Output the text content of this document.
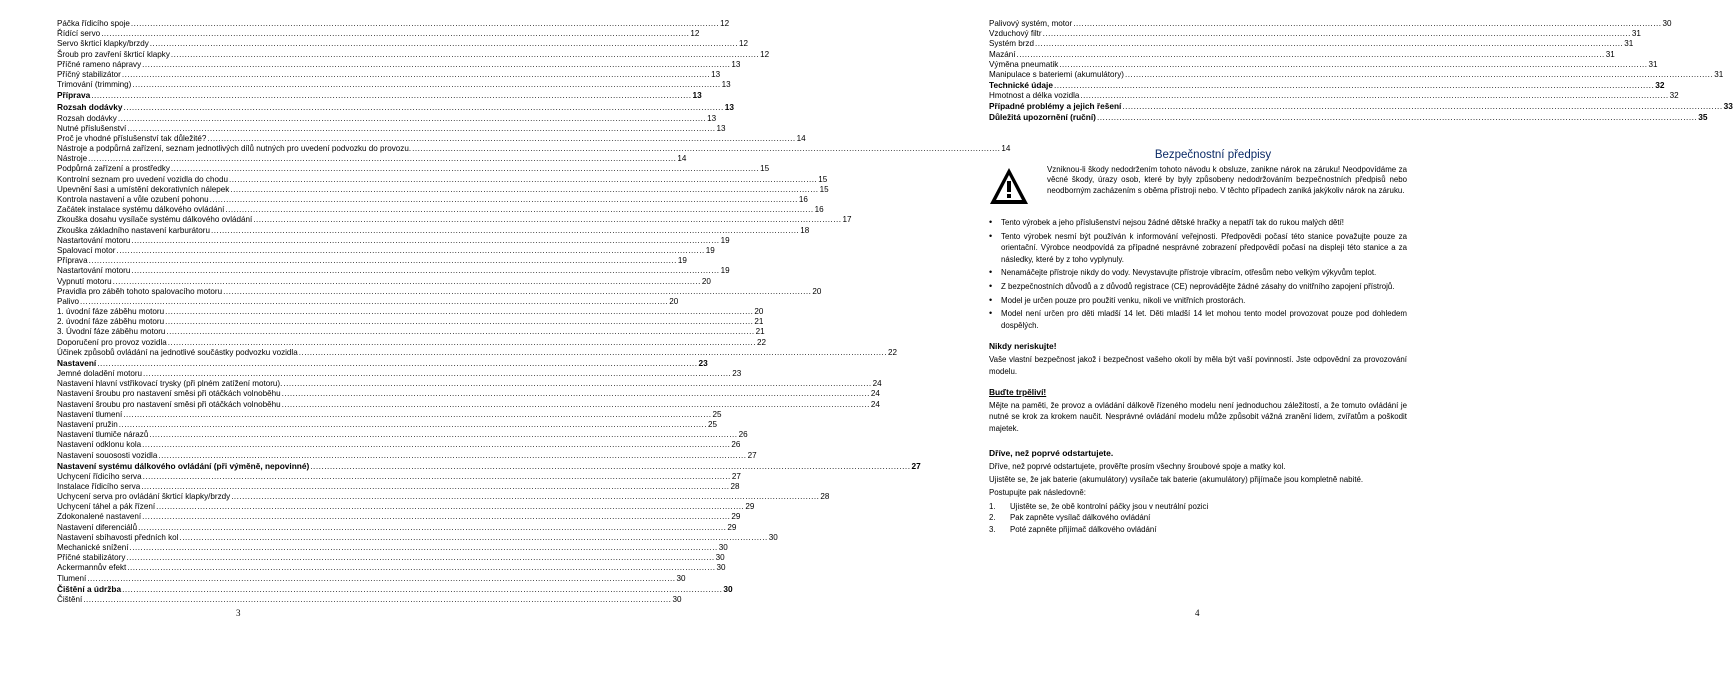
Páčka řídicího spoje .....	12
Řídící servo .....	12
Servo škrticí klapky/brzdy .....	12
Šroub pro zavření škrticí klapky .....	12
Příčné rameno nápravy .....	13
Příčný stabilizátor .....	13
Trimování (trimming) .....	13
Příprava .....	13
Rozsah dodávky .....	13
Rozsah dodávky .....	13
Nutné příslušenství .....	13
Proč je vhodné příslušenství tak důležité? .....	14
Nástroje a podpůrná zařízení, seznam jednotlivých dílů nutných pro uvedení podvozku do provozu. .....	14
Nástroje .....	14
Podpůrná zařízení a prostředky .....	15
Kontrolní seznam pro uvedení vozidla do chodu .....	15
Upevnění šasi a umístění dekorativních nálepek .....	15
Kontrola nastavení a vůle ozubení pohonu .....	16
Začátek instalace systému dálkového ovládání .....	16
Zkouška dosahu vysílače systému dálkového ovládání .....	17
Zkouška základního nastavení karburátoru .....	18
Nastartování motoru .....	19
Spalovací motor .....	19
Příprava .....	19
Nastartování motoru .....	19
Vypnutí motoru .....	20
Pravidla pro záběh tohoto spalovacího motoru .....	20
Palivo .....	20
1. úvodní fáze záběhu motoru .....	20
2. úvodní fáze záběhu motoru .....	21
3. Úvodní fáze záběhu motoru .....	21
Doporučení pro provoz vozidla .....	22
Účinek způsobů ovládání na jednotlivé součástky podvozku vozidla .....	22
Nastavení .....	23
Jemné doladění motoru .....	23
Nastavení hlavní vstřikovací trysky (při plném zatížení motoru). .....	24
Nastavení šroubu pro nastavení směsi při otáčkách volnoběhu .....	24
Nastavení šroubu pro nastavení směsi při otáčkách volnoběhu .....	24
Nastavení tlumení .....	25
Nastavení pružin .....	25
Nastavení tlumiče nárazů .....	26
Nastavení odklonu kola .....	26
Nastavení souososti vozidla .....	27
Nastavení systému dálkového ovládání (při výměně, nepovinné) .....	27
Uchycení řídicího serva .....	27
Instalace řídicího serva .....	28
Uchycení serva pro ovládání škrticí klapky/brzdy .....	28
Uchycení táhel a pák řízení .....	29
Zdokonalené nastavení .....	29
Nastavení diferenciálů .....	29
Nastavení sbíhavosti předních kol .....	30
Mechanické snížení .....	30
Příčné stabilizátory .....	30
Ackermannův efekt .....	30
Tlumení .....	30
Čištění a údržba .....	30
Čištění .....	30
3
Palivový systém, motor .....	30
Vzduchový filtr .....	31
Systém brzd .....	31
Mazání .....	31
Výměna pneumatik .....	31
Manipulace s bateriemi (akumulátory) .....	31
Technické údaje .....	32
Hmotnost a délka vozidla .....	32
Případné problémy a jejich řešení .....	33
Důležitá upozornění (ruční) .....	35
Bezpečnostní předpisy
Vzniknou-li škody nedodržením tohoto návodu k obsluze, zanikne nárok na záruku! Neodpovídáme za věcné škody, úrazy osob, které by byly způsobeny nedodržováním bezpečnostních předpisů nebo neodborným zacházením s oběma přístroji nebo. V těchto případech zaniká jakýkoliv nárok na záruku.
• Tento výrobek a jeho příslušenství nejsou žádné dětské hračky a nepatří tak do rukou malých dětí!
• Tento výrobek nesmí být používán k informování veřejnosti. Předpovědi počasí této stanice považujte pouze za orientační. Výrobce neodpovídá za případné nesprávné zobrazení předpovědí počasí na displeji této stanice a za následky, které by z toho vyplynuly.
• Nenamáčejte přístroje nikdy do vody. Nevystavujte přístroje vibracím, otřesům nebo velkým výkyvům teplot.
• Z bezpečnostních důvodů a z důvodů registrace (CE) neprovádějte žádné zásahy do vnitřního zapojení přístrojů.
• Model je určen pouze pro použití venku, nikoli ve vnitřních prostorách.
• Model není určen pro děti mladší 14 let. Děti mladší 14 let mohou tento model provozovat pouze pod dohledem dospělých.
Nikdy neriskujte!
Vaše vlastní bezpečnost jakož i bezpečnost vašeho okolí by měla být vaší povinností. Jste odpovědní za provozování modelu.
Buďte trpěliví!
Mějte na paměti, že provoz a ovládání dálkově řízeného modelu není jednoduchou záležitostí, a že tomuto ovládání je nutné se krok za krokem naučit. Nesprávné ovládání modelu může způsobit vážná zranění lidem, zvířatům a poškodit majetek.
Dříve, než poprvé odstartujete.
Dříve, než poprvé odstartujete, prověřte prosím všechny šroubové spoje a matky kol.
Ujistěte se, že jak baterie (akumulátory) vysílače tak baterie (akumulátory) přijímače jsou kompletně nabité.
Postupujte pak následovně:
1.	Ujistěte se, že obě kontrolní páčky jsou v neutrální pozici
2.	Pak zapněte vysílač dálkového ovládání
3.	Poté zapněte přijímač dálkového ovládání
4
